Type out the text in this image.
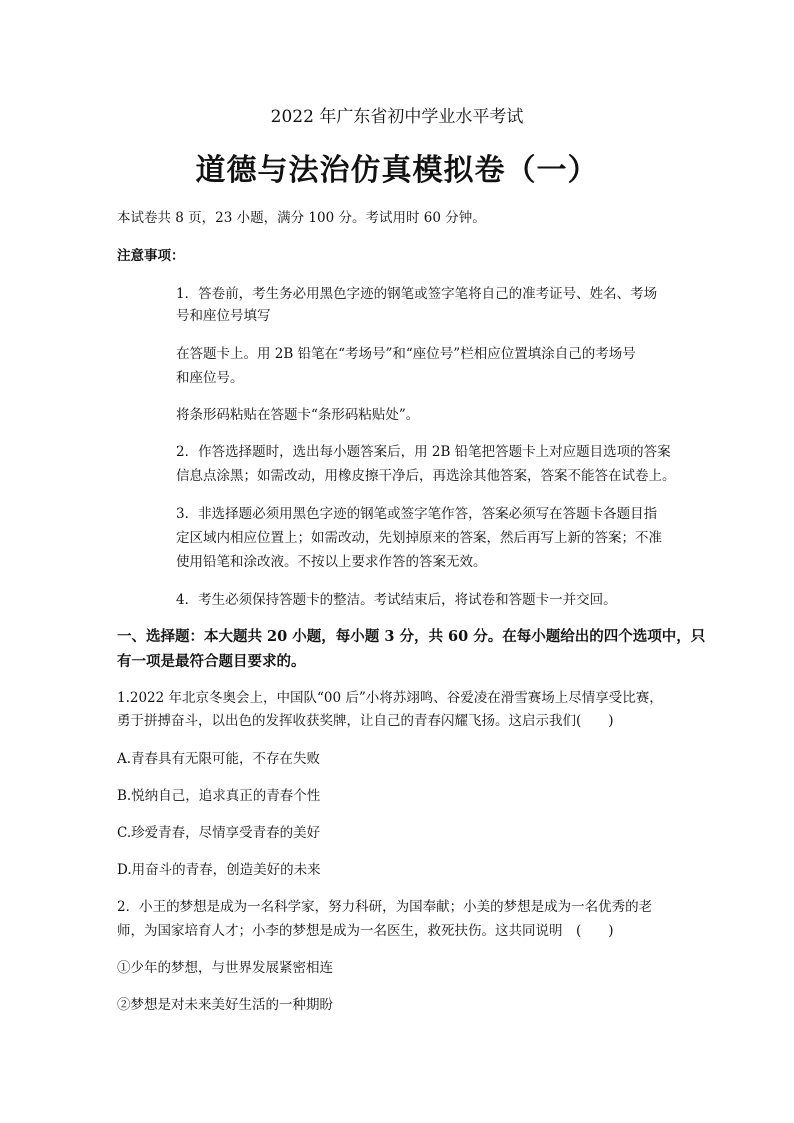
2022 年广东省初中学业水平考试
道德与法治仿真模拟卷（一）
本试卷共 8 页，23 小题，满分 100 分。考试用时 60 分钟。
注意事项：
1．答卷前，考生务必用黑色字迹的钢笔或签字笔将自己的准考证号、姓名、考场
号和座位号填写
在答题卡上。用 2B 铅笔在“考场号”和“座位号”栏相应位置填涂自己的考场号
和座位号。
将条形码粘贴在答题卡“条形码粘贴处”。
2．作答选择题时，选出每小题答案后，用 2B 铅笔把答题卡上对应题目选项的答案
信息点涂黑；如需改动，用橡皮擦干净后，再选涂其他答案，答案不能答在试卷上。
3．非选择题必须用黑色字迹的钢笔或签字笔作答，答案必须写在答题卡各题目指
定区域内相应位置上；如需改动，先划掉原来的答案，然后再写上新的答案；不准
使用铅笔和涂改液。不按以上要求作答的答案无效。
4．考生必须保持答题卡的整洁。考试结束后，将试卷和答题卡一并交回。
一、选择题：本大题共 20 小题，每小题 3 分，共 60 分。在每小题给出的四个选项中，只
有一项是最符合题目要求的。
1.2022 年北京冬奥会上，中国队“00 后”小将苏翊鸣、谷爱凌在滑雪赛场上尽情享受比赛，
勇于拼搏奋斗，以出色的发挥收获奖牌，让自己的青春闪耀飞扬。这启示我们(　　)
A.青春具有无限可能，不存在失败
B.悦纳自己，追求真正的青春个性
C.珍爱青春，尽情享受青春的美好
D.用奋斗的青春，创造美好的未来
2．小王的梦想是成为一名科学家，努力科研，为国奉献；小美的梦想是成为一名优秀的老
师，为国家培育人才；小李的梦想是成为一名医生，救死扶伤。这共同说明　(　　)
①少年的梦想，与世界发展紧密相连
②梦想是对未来美好生活的一种期盼
